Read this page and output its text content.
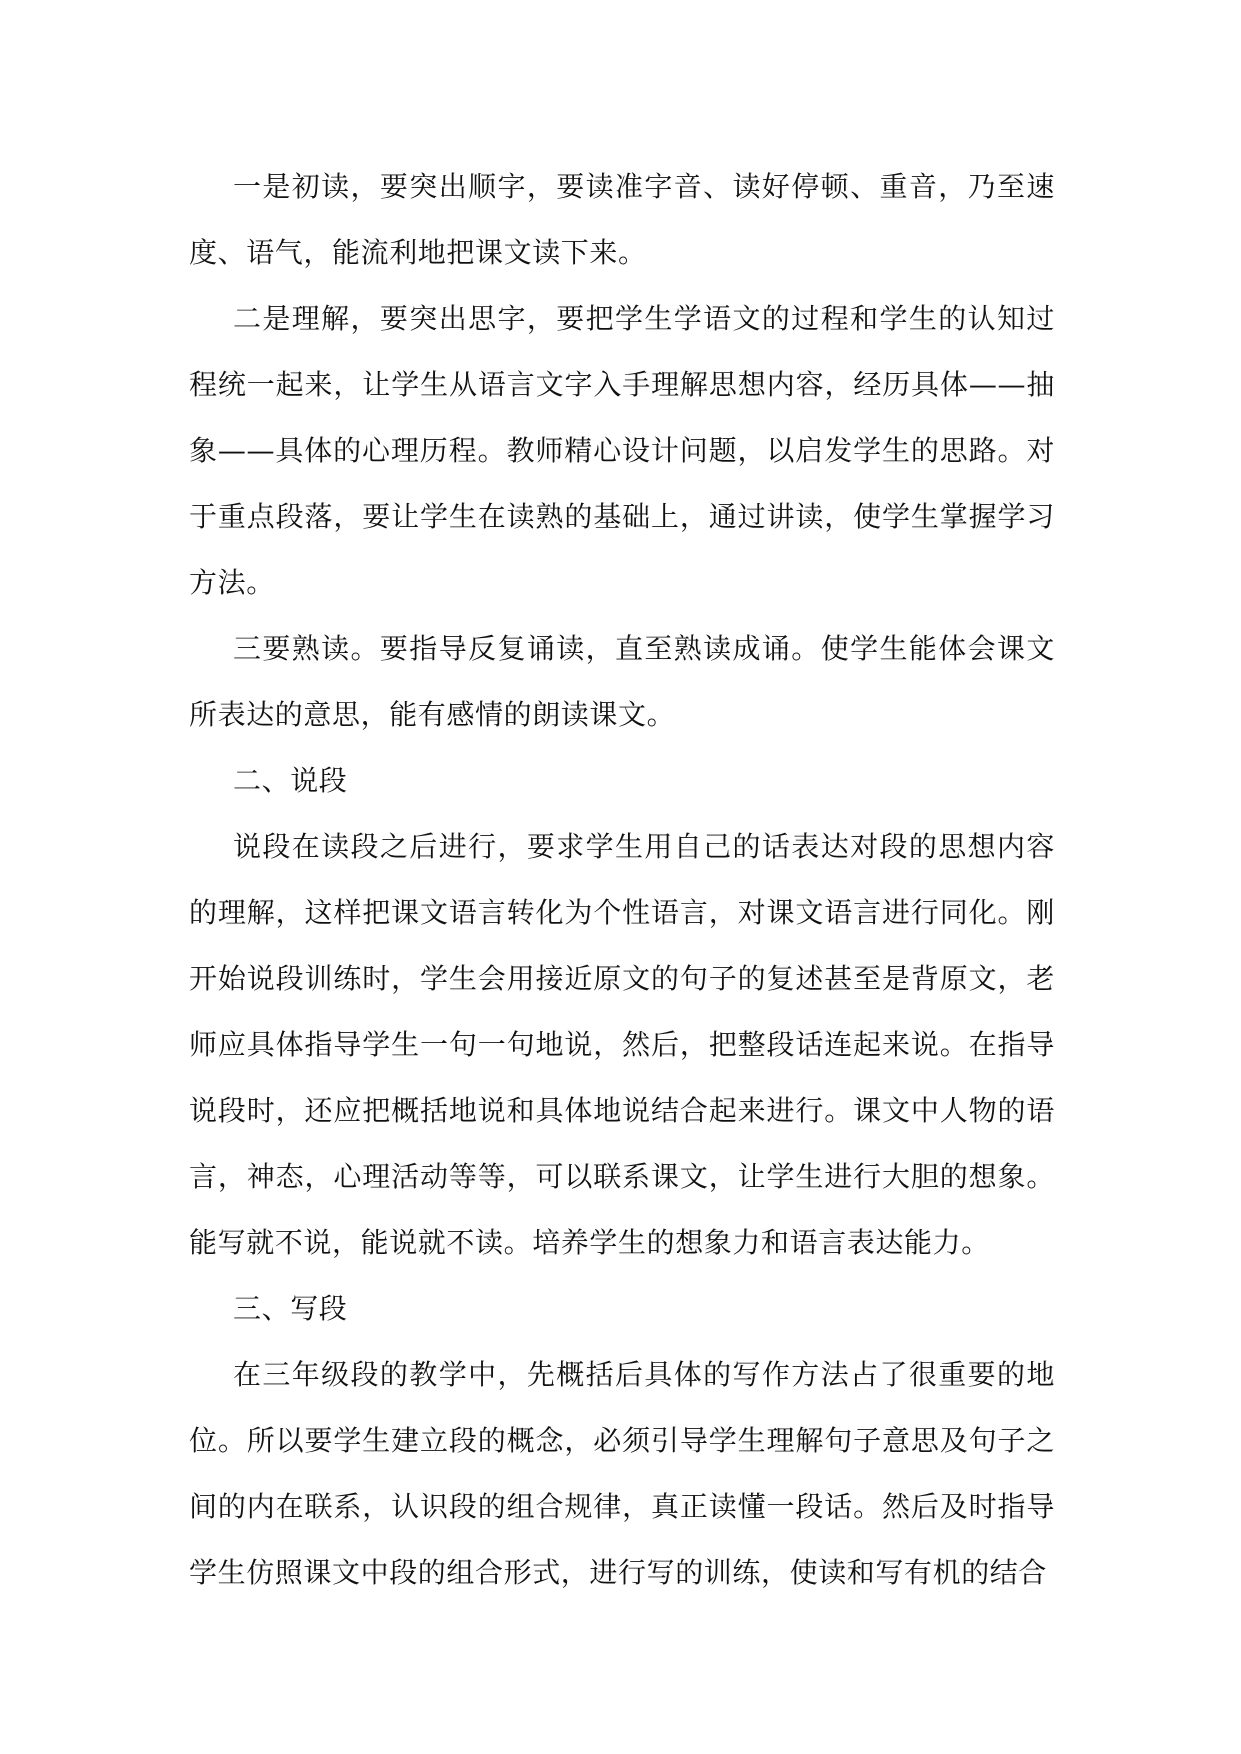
一是初读，要突出顺字，要读准字音、读好停顿、重音，乃至速度、语气，能流利地把课文读下来。

二是理解，要突出思字，要把学生学语文的过程和学生的认知过程统一起来，让学生从语言文字入手理解思想内容，经历具体——抽象——具体的心理历程。教师精心设计问题，以启发学生的思路。对于重点段落，要让学生在读熟的基础上，通过讲读，使学生掌握学习方法。

三要熟读。要指导反复诵读，直至熟读成诵。使学生能体会课文所表达的意思，能有感情的朗读课文。

二、说段

说段在读段之后进行，要求学生用自己的话表达对段的思想内容的理解，这样把课文语言转化为个性语言，对课文语言进行同化。刚开始说段训练时，学生会用接近原文的句子的复述甚至是背原文，老师应具体指导学生一句一句地说，然后，把整段话连起来说。在指导说段时，还应把概括地说和具体地说结合起来进行。课文中人物的语言，神态，心理活动等等，可以联系课文，让学生进行大胆的想象。能写就不说，能说就不读。培养学生的想象力和语言表达能力。

三、写段

在三年级段的教学中，先概括后具体的写作方法占了很重要的地位。所以要学生建立段的概念，必须引导学生理解句子意思及句子之间的内在联系，认识段的组合规律，真正读懂一段话。然后及时指导学生仿照课文中段的组合形式，进行写的训练，使读和写有机的结合
